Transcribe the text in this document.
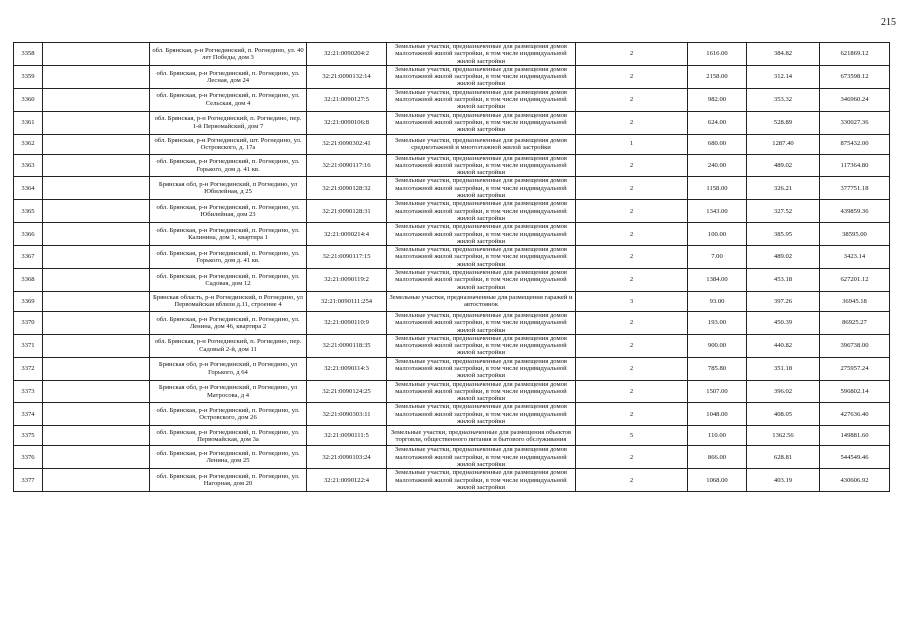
215
3358		обл. Брянская, р-н Рогнединский, п. Рогнедино, ул. 40 лет Победы, дом 3	32:21:0090204:2	Земельные участки, предназначенные для размещения домов малоэтажной жилой застройки, в том числе индивидуальной жилой застройки	2	1616.00	384.82	621869.12
3359		обл. Брянская, р-н Рогнединский, п. Рогнедино, ул. Лесная, дом 24	32:21:0090132:14	Земельные участки, предназначенные для размещения домов малоэтажной жилой застройки, в том числе индивидуальной жилой застройки	2	2158.00	312.14	673598.12
3360		обл. Брянская, р-н Рогнединский, п. Рогнедино, ул. Сельская, дом 4	32:21:0090127:5	Земельные участки, предназначенные для размещения домов малоэтажной жилой застройки, в том числе индивидуальной жилой застройки	2	982.00	353.32	346960.24
3361		обл. Брянская, р-н Рогнединский, п. Рогнедино, пер. 1-й Первомайский, дом 7	32:21:0090106:8	Земельные участки, предназначенные для размещения домов малоэтажной жилой застройки, в том числе индивидуальной жилой застройки	2	624.00	528.89	330027.36
3362		обл. Брянская, р-н Рогнединский, шт. Рогнедино, ул. Островского, д. 17а	32:21:0090302:41	Земельные участки, предназначенные для размещения домов среднеэтажной и многоэтажной жилой застройки	1	680.00	1287.40	875432.00
3363		обл. Брянская, р-н Рогнединский, п. Рогнедино, ул. Горького, дом д. 41 кв.	32:21:0090117:16	Земельные участки, предназначенные для размещения домов малоэтажной жилой застройки, в том числе индивидуальной жилой застройки	2	240.00	489.02	117364.80
3364		Брянская обл, р-н Рогнединский, п Рогнедино, ул Юбилейная, д 25	32:21:0090128:32	Земельные участки, предназначенные для размещения домов малоэтажной жилой застройки, в том числе индивидуальной жилой застройки	2	1158.00	326.21	377751.18
3365		обл. Брянская, р-н Рогнединский, п. Рогнедино, ул. Юбилейная, дом 23	32:21:0090128:31	Земельные участки, предназначенные для размещения домов малоэтажной жилой застройки, в том числе индивидуальной жилой застройки	2	1343.00	327.52	439859.36
3366		обл. Брянская, р-н Рогнединский, п. Рогнедино, ул. Калинина, дом 1, квартира 1	32:21:0090214:4	Земельные участки, предназначенные для размещения домов малоэтажной жилой застройки, в том числе индивидуальной жилой застройки	2	100.00	385.95	38595.00
3367		обл. Брянская, р-н Рогнединский, п. Рогнедино, ул. Горького, дом д. 41 кв.	32:21:0090117:15	Земельные участки, предназначенные для размещения домов малоэтажной жилой застройки, в том числе индивидуальной жилой застройки	2	7.00	489.02	3423.14
3368		обл. Брянская, р-н Рогнединский, п. Рогнедино, ул. Садовая, дом 12	32:21:0090119:2	Земельные участки, предназначенные для размещения домов малоэтажной жилой застройки, в том числе индивидуальной жилой застройки	2	1384.00	453.18	627201.12
3369		Брянская область, р-н Рогнединский, п Рогнедино, ул Первомайская вблизи д.11, строение 4	32:21:0090111:254	Земельные участки, предназначенные для размещения гаражей и автостоянок	3	93.00	397.26	36945.18
3370		обл. Брянская, р-н Рогнединский, п. Рогнедино, ул. Ленина, дом 46, квартира 2	32:21:0090110:9	Земельные участки, предназначенные для размещения домов малоэтажной жилой застройки, в том числе индивидуальной жилой застройки	2	193.00	450.39	86925.27
3371		обл. Брянская, р-н Рогнединский, п. Рогнедино, пер. Садовый 2-й, дом 11	32:21:0090118:35	Земельные участки, предназначенные для размещения домов малоэтажной жилой застройки, в том числе индивидуальной жилой застройки	2	900.00	440.82	396738.00
3372		Брянская обл, р-н Рогнединский, п Рогнедино, ул Горького, д 64	32:21:0090114:3	Земельные участки, предназначенные для размещения домов малоэтажной жилой застройки, в том числе индивидуальной жилой застройки	2	785.80	351.18	275957.24
3373		Брянская обл, р-н Рогнединский, п Рогнедино, ул Матросова, д 4	32:21:0090124:25	Земельные участки, предназначенные для размещения домов малоэтажной жилой застройки, в том числе индивидуальной жилой застройки	2	1507.00	396.02	596802.14
3374		обл. Брянская, р-н Рогнединский, п. Рогнедино, ул. Островского, дом 26	32:21:0090303:11	Земельные участки, предназначенные для размещения домов малоэтажной жилой застройки, в том числе индивидуальной жилой застройки	2	1048.00	408.05	427636.40
3375		обл. Брянская, р-н Рогнединский, п. Рогнедино, ул. Первомайская, дом 3а	32:21:0090111:5	Земельные участки, предназначенные для размещения объектов торговли, общественного питания и бытового обслуживания	5	110.00	1362.56	149881.60
3376		обл. Брянская, р-н Рогнединский, п. Рогнедино, ул. Ленина, дом 25	32:21:0090103:24	Земельные участки, предназначенные для размещения домов малоэтажной жилой застройки, в том числе индивидуальной жилой застройки	2	866.00	628.81	544549.46
3377		обл. Брянская, р-н Рогнединский, п. Рогнедино, ул. Нагорная, дом 20	32:21:0090122:4	Земельные участки, предназначенные для размещения домов малоэтажной жилой застройки, в том числе индивидуальной жилой застройки	2	1068.00	403.19	430606.92
